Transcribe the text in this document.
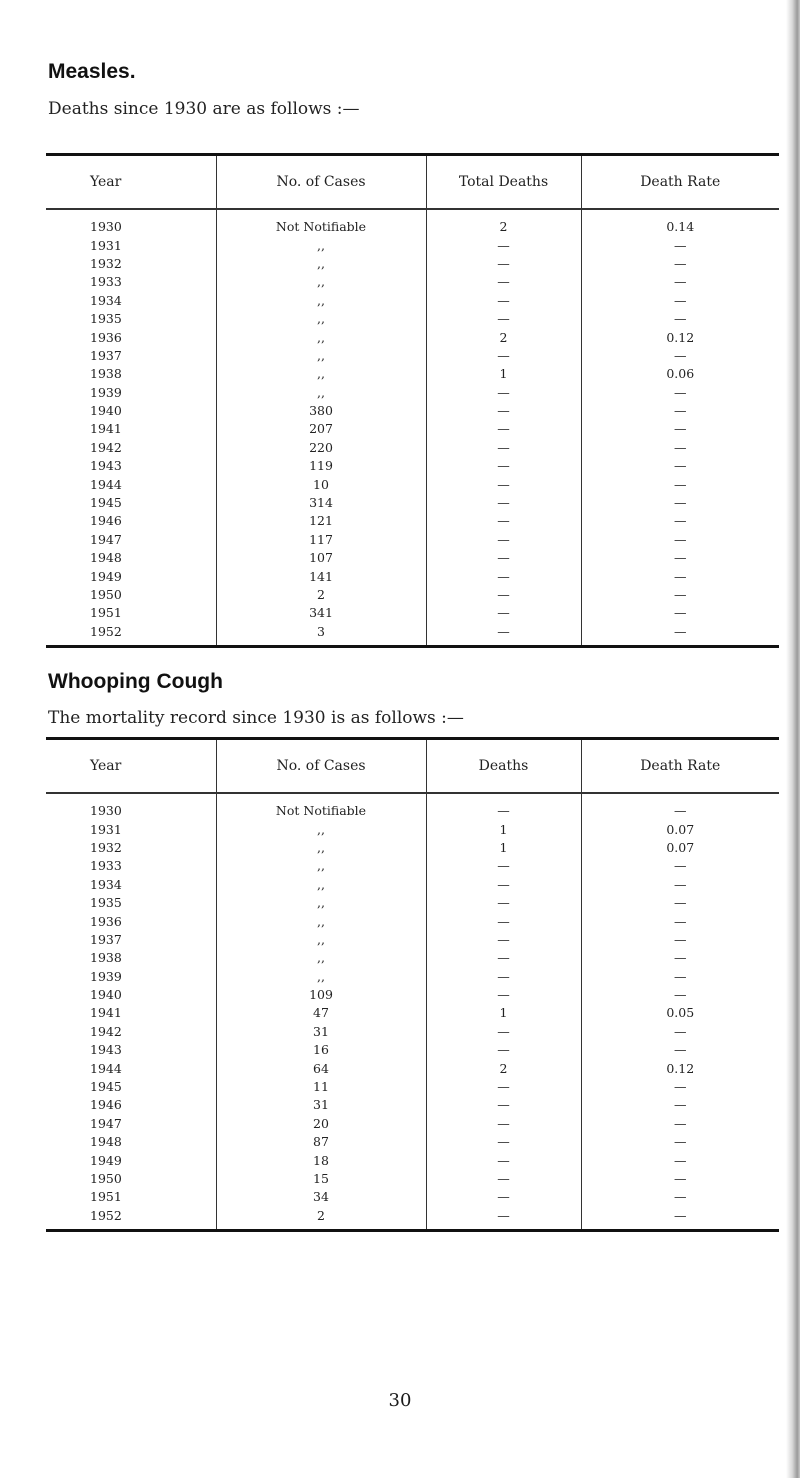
Measles.
Deaths since 1930 are as follows :—
Year	No. of Cases	Total Deaths	Death Rate
1930	Not Notifiable	2	0.14
1931	,,	—	—
1932	,,	—	—
1933	,,	—	—
1934	,,	—	—
1935	,,	—	—
1936	,,	2	0.12
1937	,,	—	—
1938	,,	1	0.06
1939	,,	—	—
1940	380	—	—
1941	207	—	—
1942	220	—	—
1943	119	—	—
1944	10	—	—
1945	314	—	—
1946	121	—	—
1947	117	—	—
1948	107	—	—
1949	141	—	—
1950	2	—	—
1951	341	—	—
1952	3	—	—
Whooping Cough
The mortality record since 1930 is as follows :—
Year	No. of Cases	Deaths	Death Rate
1930	Not Notifiable	—	—
1931	,,	1	0.07
1932	,,	1	0.07
1933	,,	—	—
1934	,,	—	—
1935	,,	—	—
1936	,,	—	—
1937	,,	—	—
1938	,,	—	—
1939	,,	—	—
1940	109	—	—
1941	47	1	0.05
1942	31	—	—
1943	16	—	—
1944	64	2	0.12
1945	11	—	—
1946	31	—	—
1947	20	—	—
1948	87	—	—
1949	18	—	—
1950	15	—	—
1951	34	—	—
1952	2	—	—
30
